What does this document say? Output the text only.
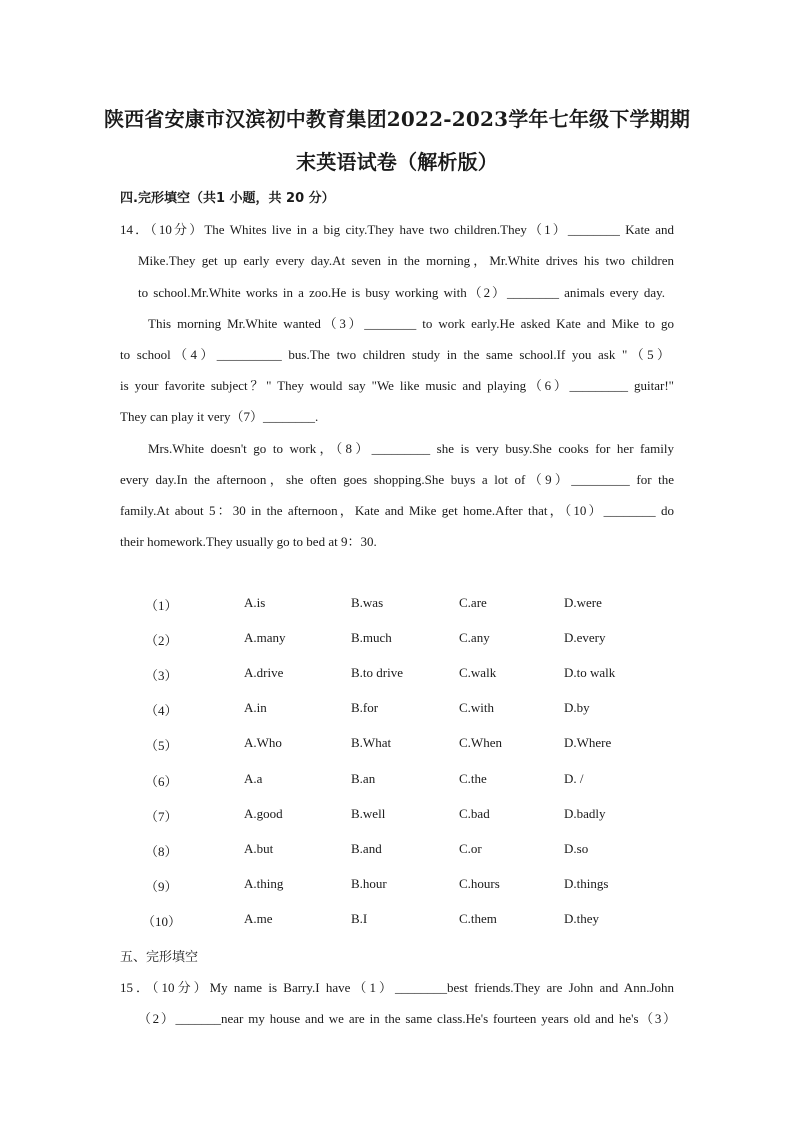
陕西省安康市汉滨初中教育集团2022-2023学年七年级下学期期
末英语试卷（解析版）
四.完形填空（共1 小题，共 20 分）
14．（10分）The Whites live in a big city.They have two children.They（1）________ Kate and
Mike.They get up early every day.At seven in the morning，Mr.White drives his two children
to school.Mr.White works in a zoo.He is busy working with（2）________ animals every day.
This morning Mr.White wanted（3）________ to work early.He asked Kate and Mike to go
to school（4）__________ bus.The two children study in the same school.If you ask "（5）
is your favorite subject？" They would say "We like music and playing（6）_________ guitar!"
They can play it very（7）________.
Mrs.White doesn't go to work，（8）_________ she is very busy.She cooks for her family
every day.In the afternoon，she often goes shopping.She buys a lot of（9）_________ for the
family.At about 5：30 in the afternoon，Kate and Mike get home.After that，（10）________ do
their homework.They usually go to bed at 9：30.
（1）	A.is	B.was	C.are	D.were
（2）	A.many	B.much	C.any	D.every
（3）	A.drive	B.to drive	C.walk	D.to walk
（4）	A.in	B.for	C.with	D.by
（5）	A.Who	B.What	C.When	D.Where
（6）	A.a	B.an	C.the	D. /
（7）	A.good	B.well	C.bad	D.badly
（8）	A.but	B.and	C.or	D.so
（9）	A.thing	B.hour	C.hours	D.things
（10）	A.me	B.I	C.them	D.they
五、完形填空
15．（10分）My name is Barry.I have（1）________best friends.They are John and Ann.John
（2）_______near my house and we are in the same class.He's fourteen years old and he's（3）
